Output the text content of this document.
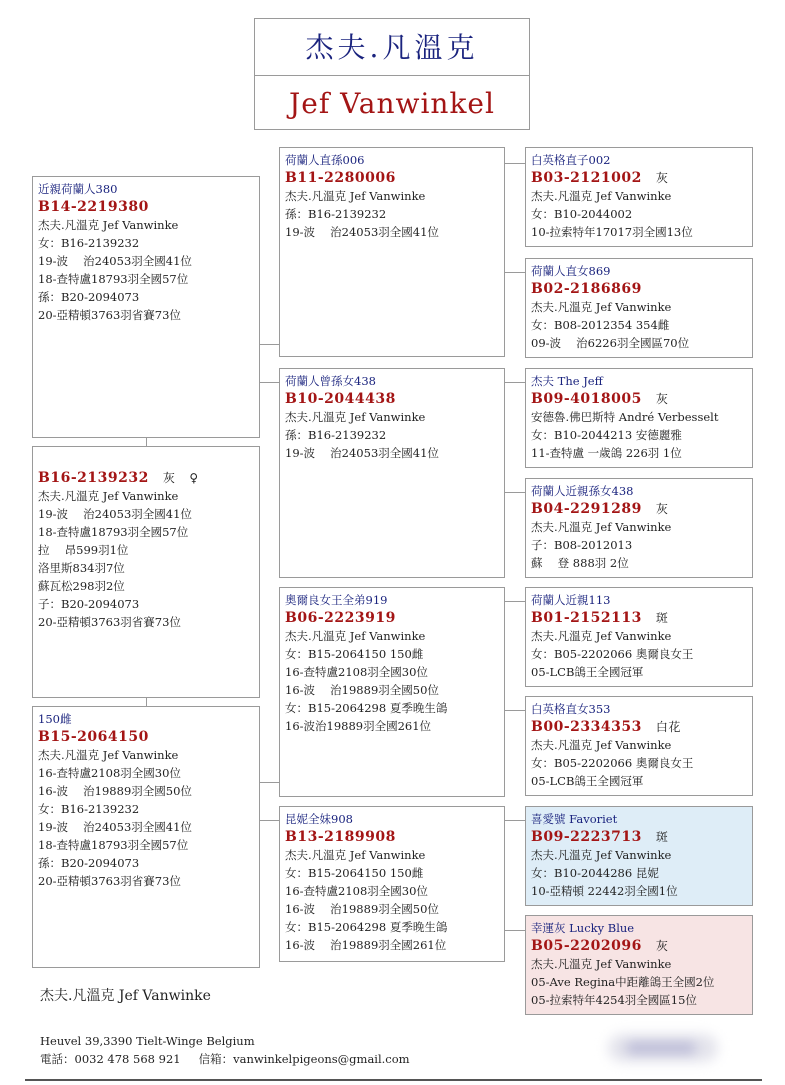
杰夫.凡溫克
Jef Vanwinkel
近親荷蘭人380
B14-2219380
杰夫.凡溫克 Jef Vanwinke
女：B16-2139232
19-波　 治24053羽全國41位
18-查特盧18793羽全國57位
孫：B20-2094073
20-亞精頓3763羽省賽73位
B16-2139232 灰 ♀
杰夫.凡溫克 Jef Vanwinke
19-波　 治24053羽全國41位
18-查特盧18793羽全國57位
拉　 昂599羽1位
洛里斯834羽7位
蘇瓦松298羽2位
子：B20-2094073
20-亞精頓3763羽省賽73位
150雌
B15-2064150
杰夫.凡溫克 Jef Vanwinke
16-查特盧2108羽全國30位
16-波　 治19889羽全國50位
女：B16-2139232
19-波　 治24053羽全國41位
18-查特盧18793羽全國57位
孫：B20-2094073
20-亞精頓3763羽省賽73位
荷蘭人直孫006
B11-2280006
杰夫.凡溫克 Jef Vanwinke
孫：B16-2139232
19-波　 治24053羽全國41位
荷蘭人曾孫女438
B10-2044438
杰夫.凡溫克 Jef Vanwinke
孫：B16-2139232
19-波　 治24053羽全國41位
奧爾良女王全弟919
B06-2223919
杰夫.凡溫克 Jef Vanwinke
女：B15-2064150 150雌
16-查特盧2108羽全國30位
16-波　 治19889羽全國50位
女：B15-2064298 夏季晚生鴿
16-波治19889羽全國261位
昆妮全妹908
B13-2189908
杰夫.凡溫克 Jef Vanwinke
女：B15-2064150 150雌
16-查特盧2108羽全國30位
16-波　 治19889羽全國50位
女：B15-2064298 夏季晚生鴿
16-波　 治19889羽全國261位
白英格直子002
B03-2121002 灰
杰夫.凡溫克 Jef Vanwinke
女：B10-2044002
10-拉索特年17017羽全國13位
荷蘭人直女869
B02-2186869
杰夫.凡溫克 Jef Vanwinke
女：B08-2012354 354雌
09-波　 治6226羽全國區70位
杰夫 The Jeff
B09-4018005 灰
安德魯.佛巴斯特 André Verbesselt
女：B10-2044213 安德麗雅
11-查特盧 一歲鴿 226羽 1位
荷蘭人近親孫女438
B04-2291289 灰
杰夫.凡溫克 Jef Vanwinke
子：B08-2012013
蘇　 登 888羽 2位
荷蘭人近親113
B01-2152113 斑
杰夫.凡溫克 Jef Vanwinke
女：B05-2202066 奧爾良女王
05-LCB鴿王全國冠軍
白英格直女353
B00-2334353 白花
杰夫.凡溫克 Jef Vanwinke
女：B05-2202066 奧爾良女王
05-LCB鴿王全國冠軍
喜愛號 Favoriet
B09-2223713 斑
杰夫.凡溫克 Jef Vanwinke
女：B10-2044286 昆妮
10-亞精頓 22442羽全國1位
幸運灰 Lucky Blue
B05-2202096 灰
杰夫.凡溫克 Jef Vanwinke
05-Ave Regina中距離鴿王全國2位
05-拉索特年4254羽全國區15位
杰夫.凡溫克 Jef Vanwinke
Heuvel 39,3390 Tielt-Winge Belgium
電話：0032 478 568 921 信箱：vanwinkelpigeons@gmail.com
